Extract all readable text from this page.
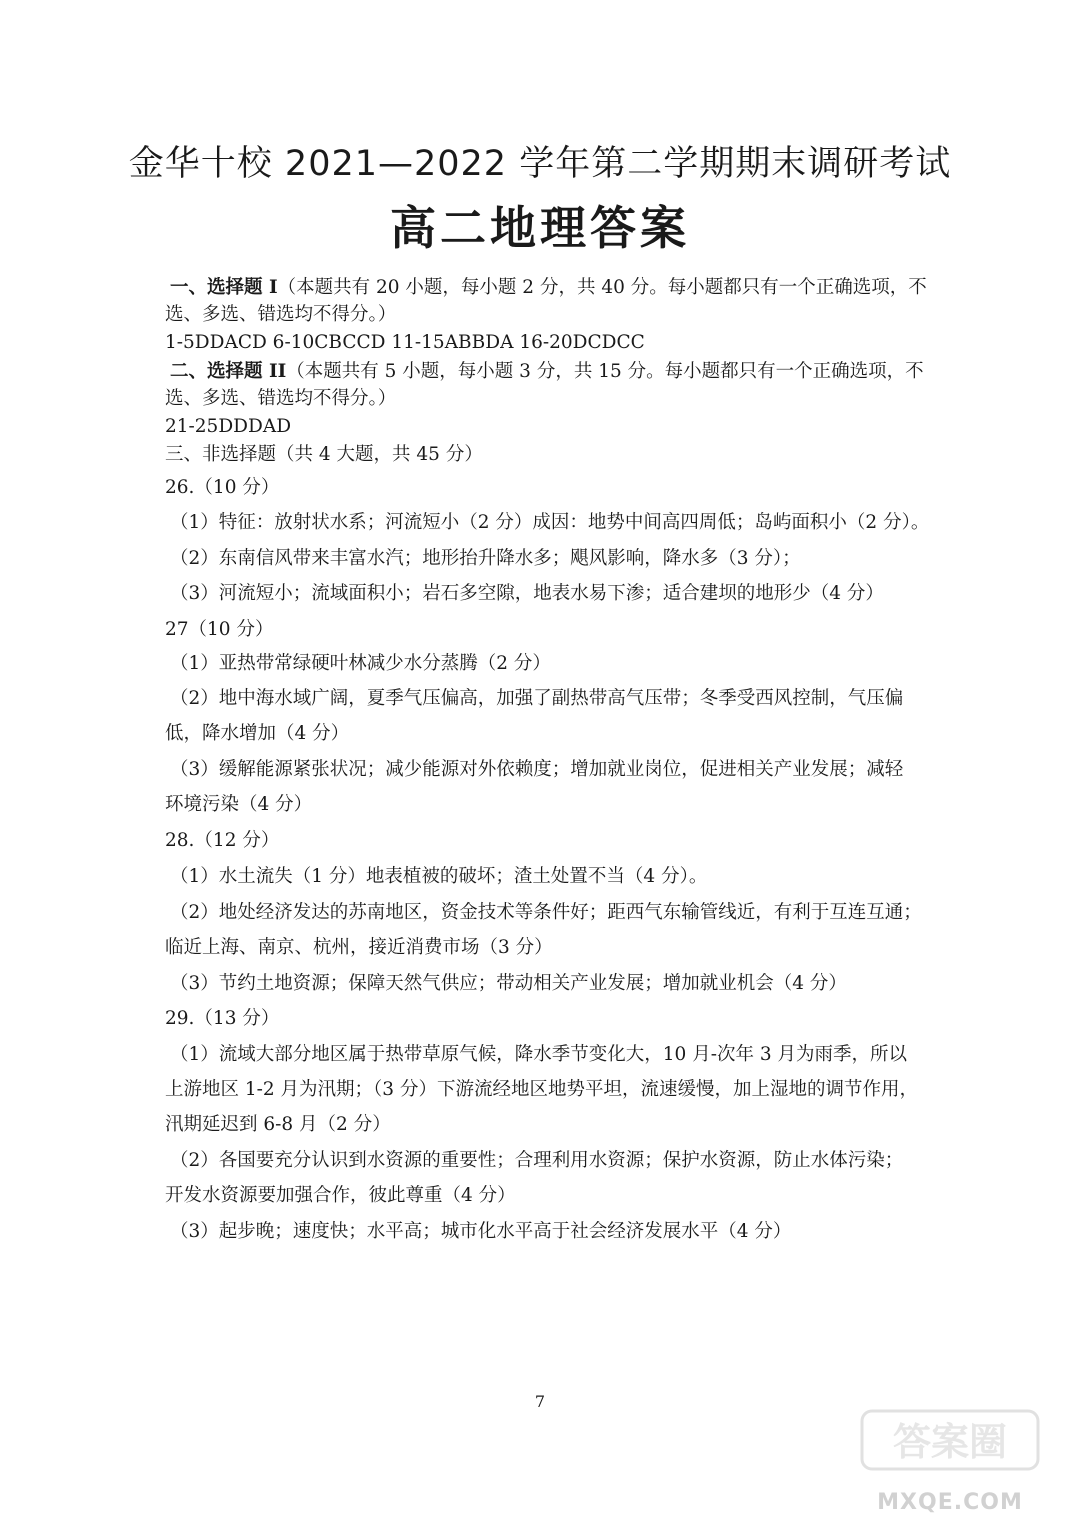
金华十校 2021—2022 学年第二学期期末调研考试
高二地理答案
一、选择题 I（本题共有 20 小题，每小题 2 分，共 40 分。每小题都只有一个正确选项，不
选、多选、错选均不得分。）
1-5DDACD 6-10CBCCD 11-15ABBDA 16-20DCDCC
二、选择题 II（本题共有 5 小题，每小题 3 分，共 15 分。每小题都只有一个正确选项，不
选、多选、错选均不得分。）
21-25DDDAD
三、非选择题（共 4 大题，共 45 分）
26.（10 分）
（1）特征：放射状水系；河流短小（2 分）成因：地势中间高四周低；岛屿面积小（2 分）。
（2）东南信风带来丰富水汽；地形抬升降水多；飓风影响，降水多（3 分）；
（3）河流短小；流域面积小；岩石多空隙，地表水易下渗；适合建坝的地形少（4 分）
27（10 分）
（1）亚热带常绿硬叶林减少水分蒸腾（2 分）
（2）地中海水域广阔，夏季气压偏高，加强了副热带高气压带；冬季受西风控制，气压偏
低，降水增加（4 分）
（3）缓解能源紧张状况；减少能源对外依赖度；增加就业岗位，促进相关产业发展；减轻
环境污染（4 分）
28.（12 分）
（1）水土流失（1 分）地表植被的破坏；渣土处置不当（4 分）。
（2）地处经济发达的苏南地区，资金技术等条件好；距西气东输管线近，有利于互连互通；
临近上海、南京、杭州，接近消费市场（3 分）
（3）节约土地资源；保障天然气供应；带动相关产业发展；增加就业机会（4 分）
29.（13 分）
（1）流域大部分地区属于热带草原气候，降水季节变化大，10 月-次年 3 月为雨季，所以
上游地区 1-2 月为汛期；（3 分）下游流经地区地势平坦，流速缓慢，加上湿地的调节作用，
汛期延迟到 6-8 月（2 分）
（2）各国要充分认识到水资源的重要性；合理利用水资源；保护水资源，防止水体污染；
开发水资源要加强合作，彼此尊重（4 分）
（3）起步晚；速度快；水平高；城市化水平高于社会经济发展水平（4 分）
7
答案圈
MXQE.COM
